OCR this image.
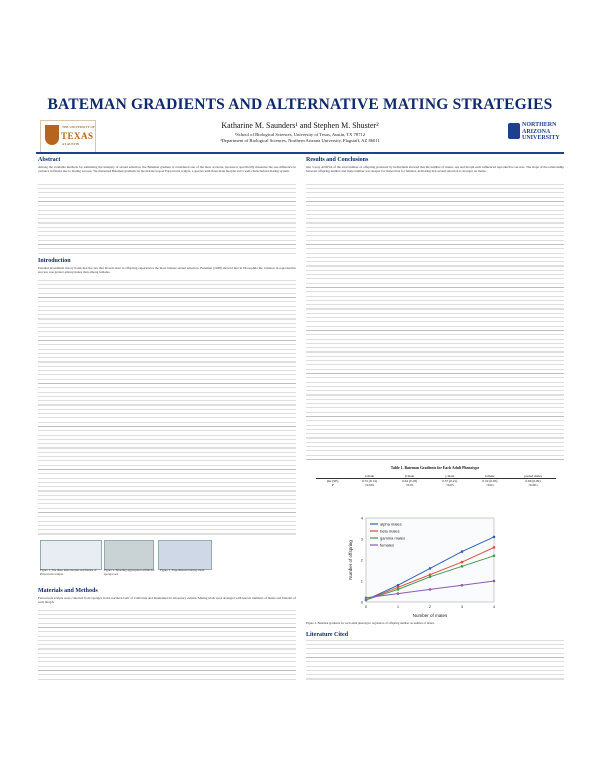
THE UNIVERSITY OF
TEXAS
AT AUSTIN
NORTHERN
ARIZONA
UNIVERSITY
BATEMAN GRADIENTS AND ALTERNATIVE MATING STRATEGIES
Katharine M. Saunders¹ and Stephen M. Shuster²
¹School of Biological Sciences, University of Texas, Austin, TX 78712
²Department of Biological Sciences, Northern Arizona University, Flagstaff, AZ 86011
Abstract
Among the available methods for estimating the intensity of sexual selection, the Bateman gradient is considered one of the most accurate, because it specifically measures the sex-difference in variance in fitness due to mating success. We measured Bateman gradients in the marine isopod Paracerceis sculpta, a species with three male morphs and a well-characterized mating system.
Introduction
Parental investment theory holds that the sex that invests least in offspring experiences the most intense sexual selection. Bateman (1948) showed that in Drosophila the variance in reproductive success was greater among males than among females.
Figure 1. The three male morphs and female of Paracerceis sculpta.
Figure 2. Breeding aggregation within the spongocoel.
Figure 3. Experimental mating arena.
Results and Conclusions
Our 3-way ANOVA of the total number of offspring produced by individuals showed that the number of mates, sex and morph each influenced reproductive success. The slope of the relationship between offspring number and mate number was steeper for males than for females, indicating that sexual selection is stronger on males.
Table 1. Bateman Gradients for Each Adult Phenotype
	α male	β male	γ male	female	pooled males
βss (SE)	0.72 (0.14)	0.64 (0.18)	0.57 (0.21)	0.19 (0.05)	0.66 (0.09)
P	<0.001	<0.01	<0.05	<0.01	<0.001
0	1	2	3	4
0
1
2
3
4
Number of mates
Number of offspring
alpha males
beta males
gamma males
females
Figure 4. Bateman gradients for each adult phenotype: regression of offspring number on number of mates.
Materials and Methods
Paracerceis sculpta were collected from sponges in the northern Gulf of California and maintained in laboratory culture. Mating trials were arranged with known numbers of males and females of each morph.
Literature Cited
